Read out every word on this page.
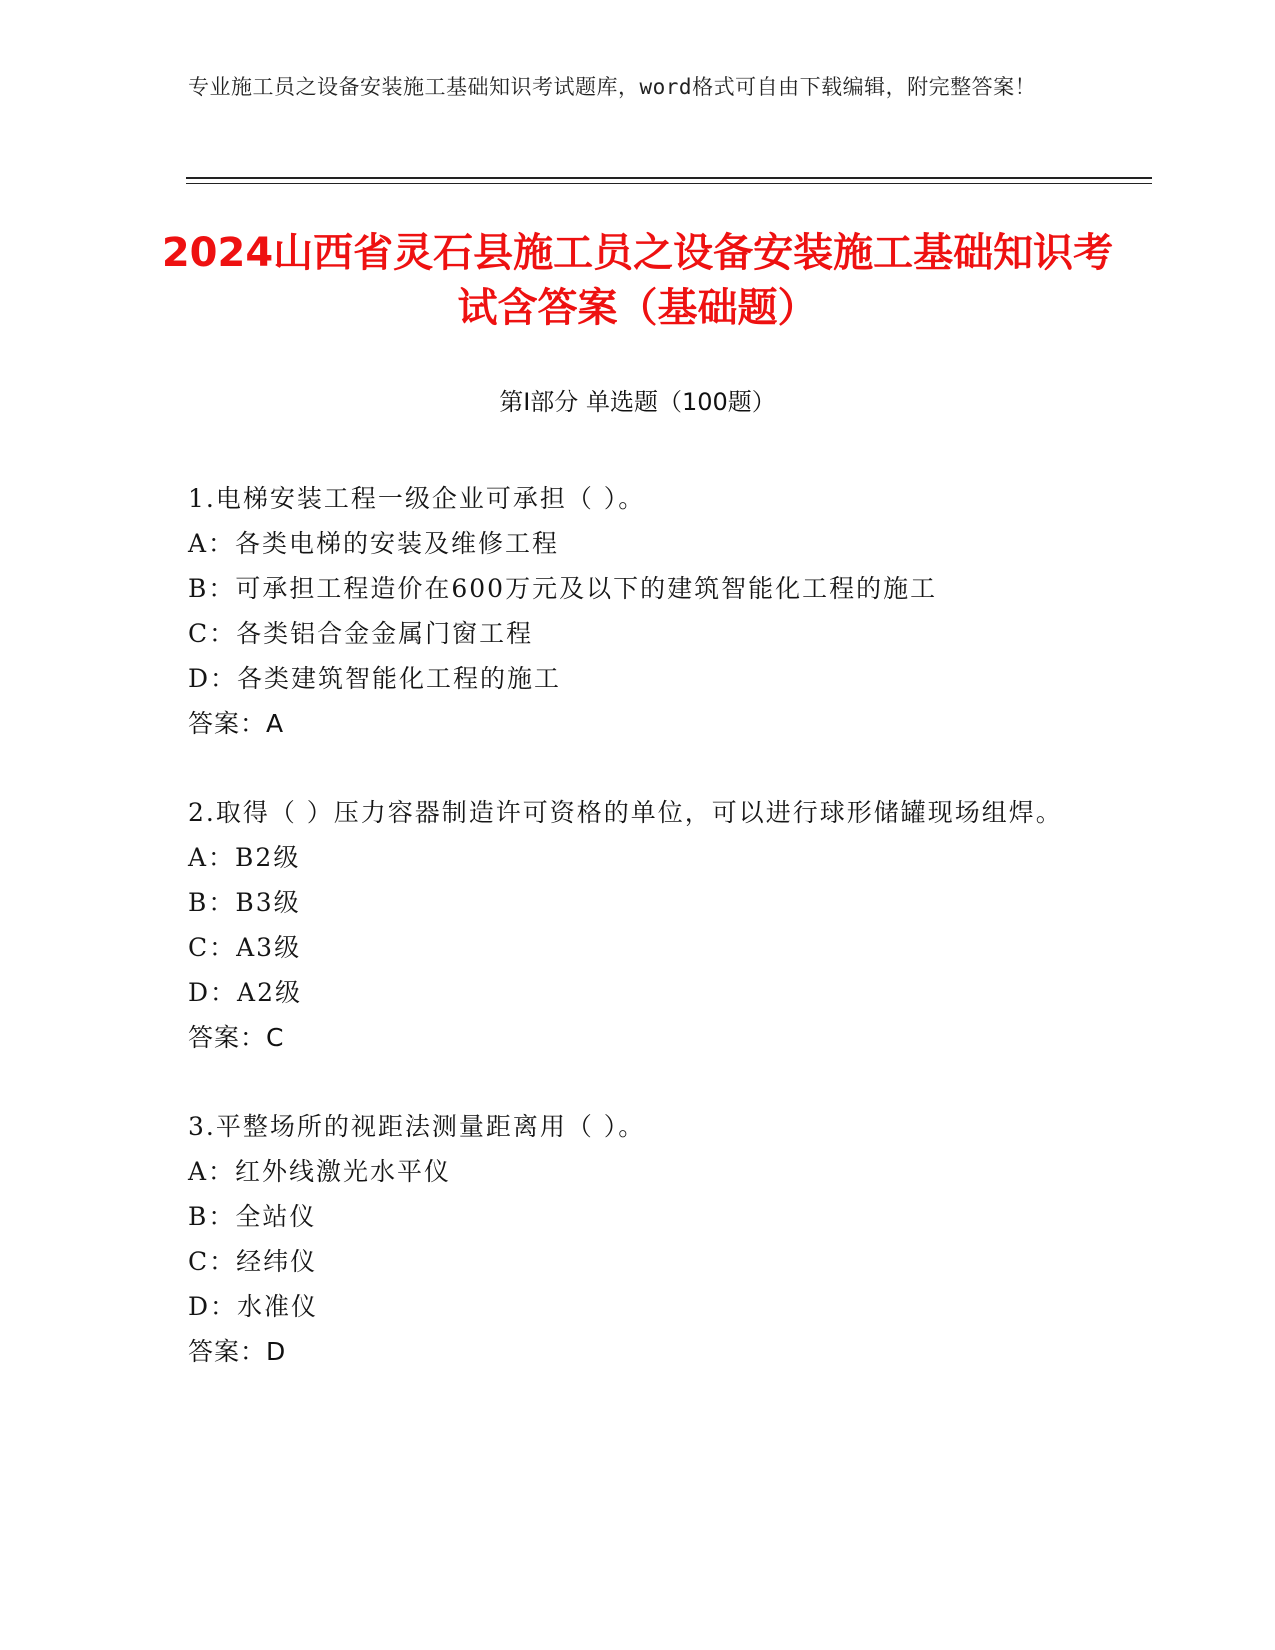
专业施工员之设备安装施工基础知识考试题库，word格式可自由下载编辑，附完整答案！
2024山西省灵石县施工员之设备安装施工基础知识考试含答案（基础题）
第Ⅰ部分 单选题（100题）
1.电梯安装工程一级企业可承担（ ）。
A：各类电梯的安装及维修工程
B：可承担工程造价在600万元及以下的建筑智能化工程的施工
C：各类铝合金金属门窗工程
D：各类建筑智能化工程的施工
答案：A
2.取得（ ）压力容器制造许可资格的单位，可以进行球形储罐现场组焊。
A：B2级
B：B3级
C：A3级
D：A2级
答案：C
3.平整场所的视距法测量距离用（ ）。
A：红外线激光水平仪
B：全站仪
C：经纬仪
D：水准仪
答案：D
